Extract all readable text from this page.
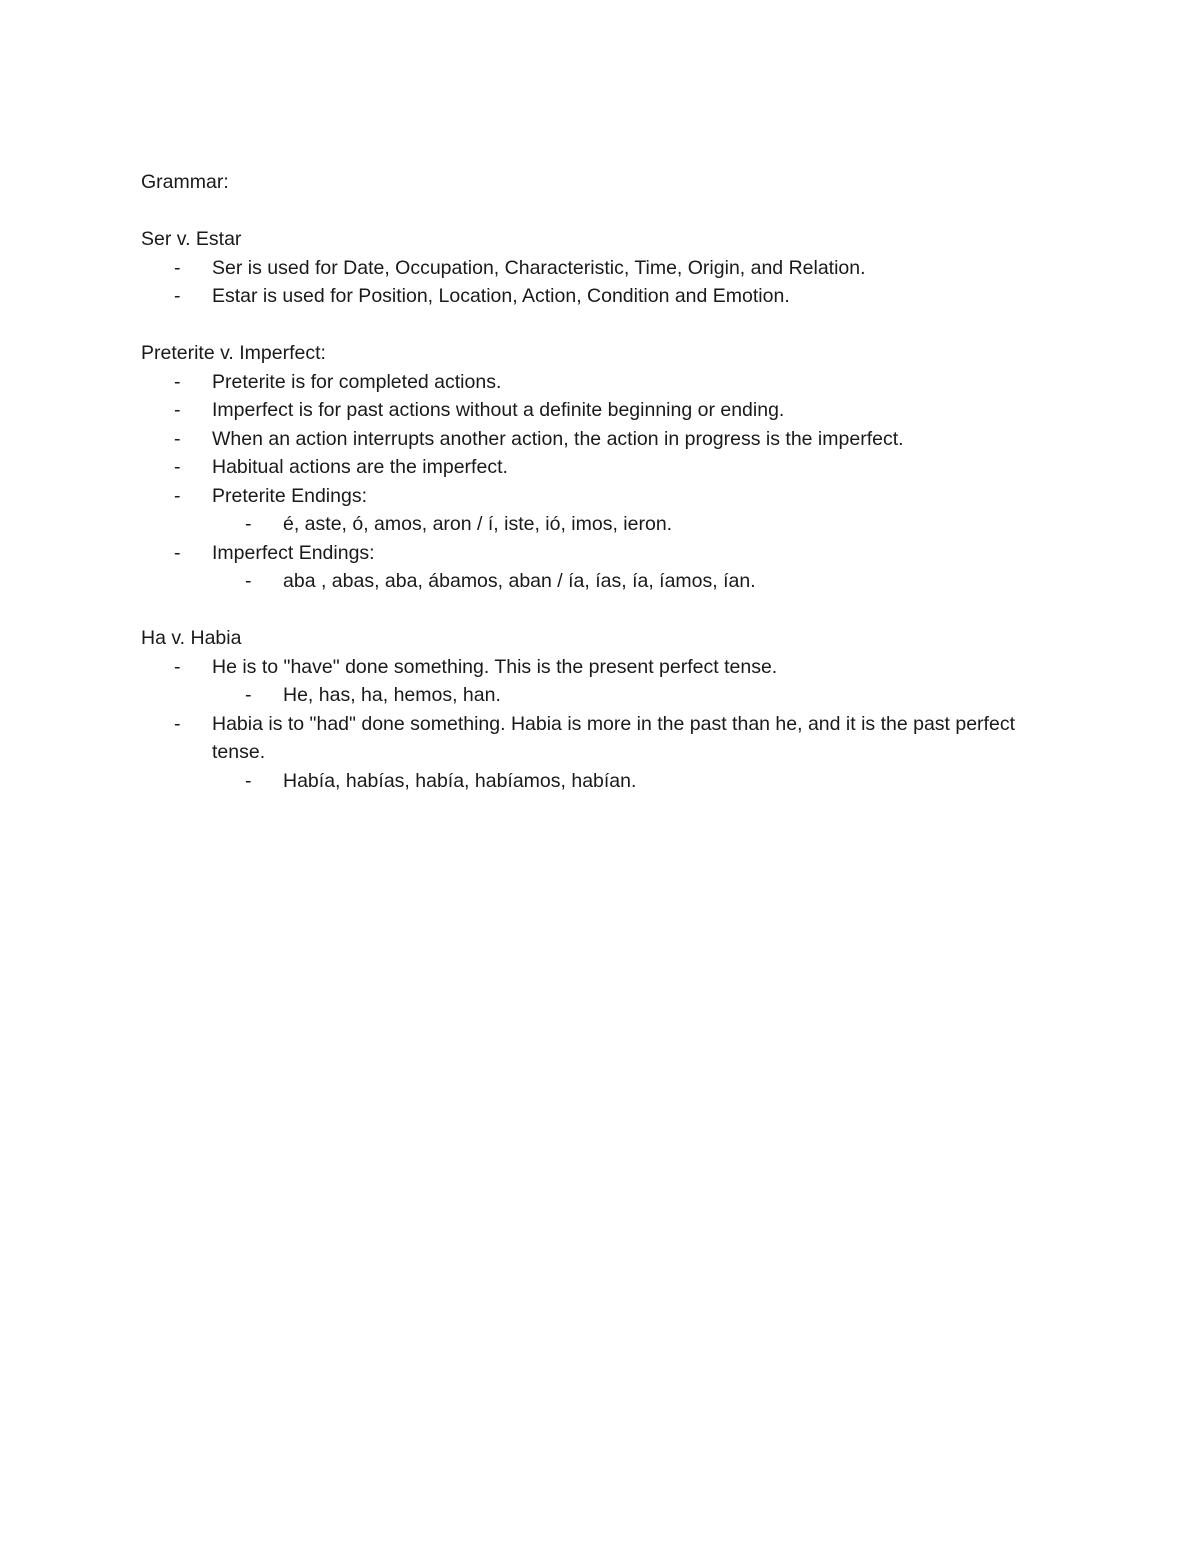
Grammar:
Ser v. Estar
- Ser is used for Date, Occupation, Characteristic, Time, Origin, and Relation.
- Estar is used for Position, Location, Action, Condition and Emotion.
Preterite v. Imperfect:
- Preterite is for completed actions.
- Imperfect is for past actions without a definite beginning or ending.
- When an action interrupts another action, the action in progress is the imperfect.
- Habitual actions are the imperfect.
- Preterite Endings:
- é, aste, ó, amos, aron / í, iste, ió, imos, ieron.
- Imperfect Endings:
- aba , abas, aba, ábamos, aban / ía, ías, ía, íamos, ían.
Ha v. Habia
- He is to "have" done something. This is the present perfect tense.
- He, has, ha, hemos, han.
- Habia is to "had" done something. Habia is more in the past than he, and it is the past perfect tense.
- Había, habías, había, habíamos, habían.
